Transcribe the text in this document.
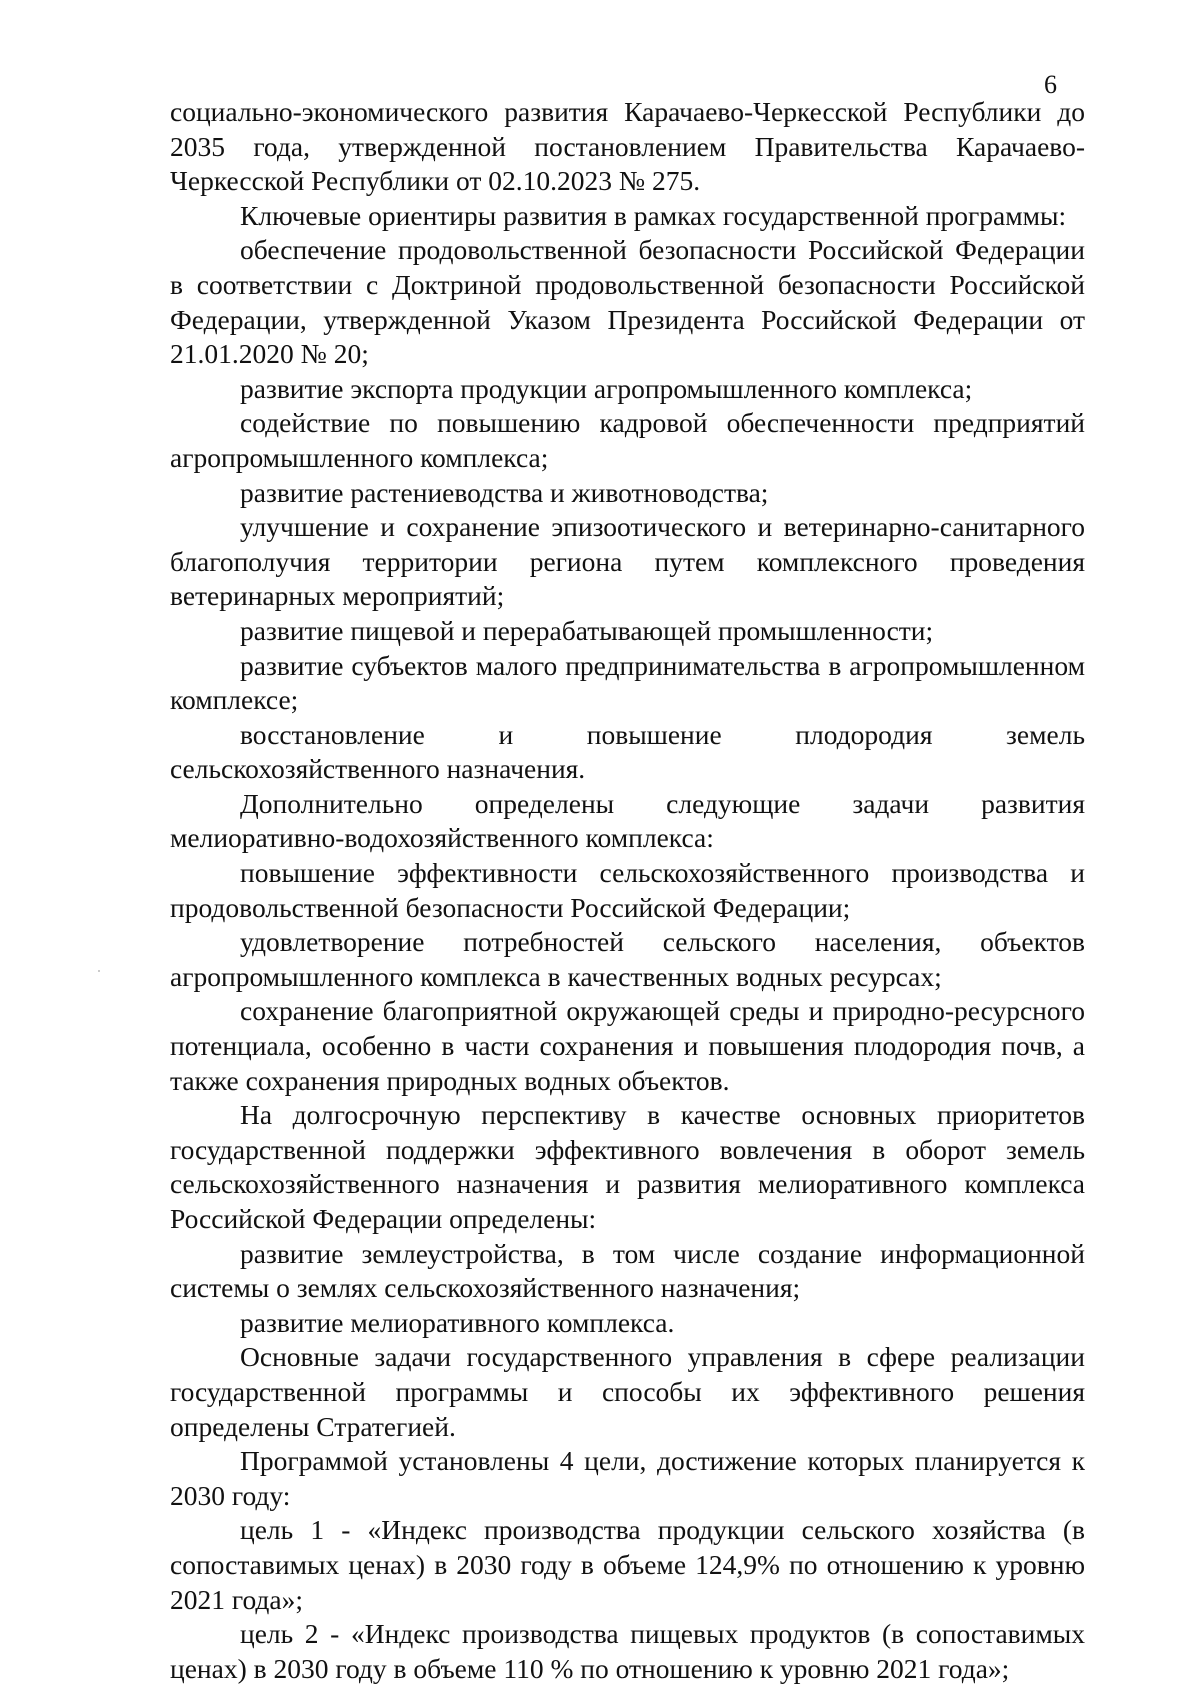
6

социально-экономического развития Карачаево-Черкесской Республики до 2035 года, утвержденной постановлением Правительства Карачаево-Черкесской Республики от 02.10.2023 № 275.

Ключевые ориентиры развития в рамках государственной программы:

обеспечение продовольственной безопасности Российской Федерации в соответствии с Доктриной продовольственной безопасности Российской Федерации, утвержденной Указом Президента Российской Федерации от 21.01.2020 № 20;

развитие экспорта продукции агропромышленного комплекса;

содействие по повышению кадровой обеспеченности предприятий агропромышленного комплекса;

развитие растениеводства и животноводства;

улучшение и сохранение эпизоотического и ветеринарно-санитарного благополучия территории региона путем комплексного проведения ветеринарных мероприятий;

развитие пищевой и перерабатывающей промышленности;

развитие субъектов малого предпринимательства в агропромышленном комплексе;

восстановление и повышение плодородия земель сельскохозяйственного назначения.

Дополнительно определены следующие задачи развития мелиоративно-водохозяйственного комплекса:

повышение эффективности сельскохозяйственного производства и продовольственной безопасности Российской Федерации;

удовлетворение потребностей сельского населения, объектов агропромышленного комплекса в качественных водных ресурсах;

сохранение благоприятной окружающей среды и природно-ресурсного потенциала, особенно в части сохранения и повышения плодородия почв, а также сохранения природных водных объектов.

На долгосрочную перспективу в качестве основных приоритетов государственной поддержки эффективного вовлечения в оборот земель сельскохозяйственного назначения и развития мелиоративного комплекса Российской Федерации определены:

развитие землеустройства, в том числе создание информационной системы о землях сельскохозяйственного назначения;

развитие мелиоративного комплекса.

Основные задачи государственного управления в сфере реализации государственной программы и способы их эффективного решения определены Стратегией.

Программой установлены 4 цели, достижение которых планируется к 2030 году:

цель 1 - «Индекс производства продукции сельского хозяйства (в сопоставимых ценах) в 2030 году в объеме 124,9% по отношению к уровню 2021 года»;

цель 2 - «Индекс производства пищевых продуктов (в сопоставимых ценах) в 2030 году в объеме 110 % по отношению к уровню 2021 года»;
